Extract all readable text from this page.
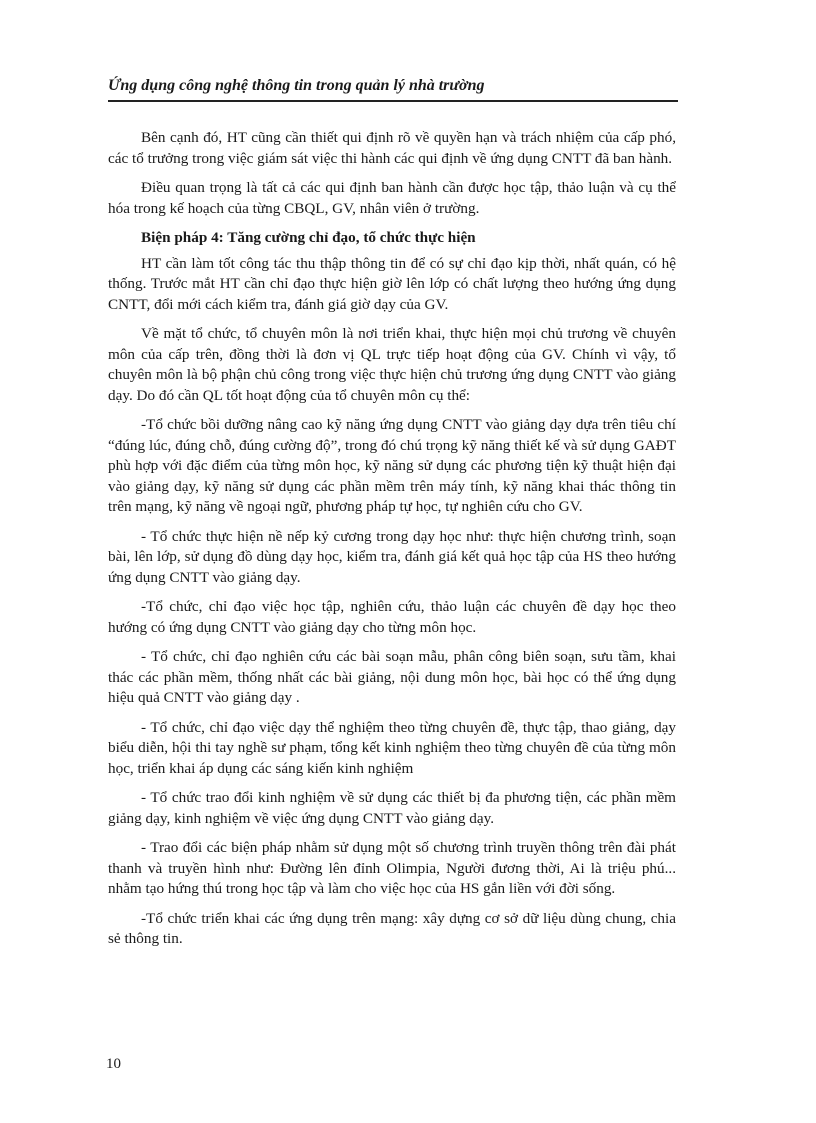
Ứng dụng công nghệ thông tin trong quản lý nhà trường

Bên cạnh đó, HT cũng cần thiết qui định rõ về quyền hạn và trách nhiệm của cấp phó, các tổ trưởng trong việc giám sát việc thi hành các qui định về ứng dụng CNTT đã ban hành.

Điều quan trọng là tất cả các qui định ban hành cần được học tập, thảo luận và cụ thể hóa trong kế hoạch của từng CBQL, GV, nhân viên ở trường.

Biện pháp 4: Tăng cường chỉ đạo, tổ chức thực hiện

HT cần làm tốt công tác thu thập thông tin để có sự chỉ đạo kịp thời, nhất quán, có hệ thống. Trước mắt HT cần chỉ đạo thực hiện giờ lên lớp có chất lượng theo hướng ứng dụng CNTT, đổi mới cách kiểm tra, đánh giá giờ dạy của GV.

Về mặt tổ chức, tổ chuyên môn là nơi triển khai, thực hiện mọi chủ trương về chuyên môn của cấp trên, đồng thời là đơn vị QL trực tiếp hoạt động của GV. Chính vì vậy, tổ chuyên môn là bộ phận chủ công trong việc thực hiện chủ trương ứng dụng CNTT vào giảng dạy. Do đó cần QL tốt hoạt động của tổ chuyên môn cụ thể:

-Tổ chức bồi dưỡng nâng cao kỹ năng ứng dụng CNTT vào giảng dạy dựa trên tiêu chí “đúng lúc, đúng chỗ, đúng cường độ”, trong đó chú trọng kỹ năng thiết kế và sử dụng GAĐT phù hợp với đặc điểm của từng môn học, kỹ năng sử dụng các phương tiện kỹ thuật hiện đại vào giảng dạy, kỹ năng sử dụng các phần mềm trên máy tính, kỹ năng khai thác thông tin trên mạng, kỹ năng về ngoại ngữ, phương pháp tự học, tự nghiên cứu cho GV.

- Tổ chức thực hiện nề nếp kỷ cương trong dạy học như: thực hiện chương trình, soạn bài, lên lớp, sử dụng đồ dùng dạy học, kiểm tra, đánh giá kết quả học tập của HS theo hướng ứng dụng CNTT vào giảng dạy.

-Tổ chức, chỉ đạo việc học tập, nghiên cứu, thảo luận các chuyên đề dạy học theo hướng có ứng dụng CNTT vào giảng dạy cho từng môn học.

- Tổ chức, chỉ đạo nghiên cứu các bài soạn mẫu, phân công biên soạn, sưu tầm, khai thác các phần mềm, thống nhất các bài giảng, nội dung môn học, bài học có thể ứng dụng hiệu quả CNTT vào giảng dạy .

- Tổ chức, chỉ đạo việc dạy thể nghiệm theo từng chuyên đề, thực tập, thao giảng, dạy biểu diễn, hội thi tay nghề sư phạm, tổng kết kinh nghiệm theo từng chuyên đề của từng môn học, triển khai áp dụng các sáng kiến kinh nghiệm

- Tổ chức trao đổi kinh nghiệm về sử dụng các thiết bị đa phương tiện, các phần mềm giảng dạy, kinh nghiệm về việc ứng dụng CNTT vào giảng dạy.

- Trao đổi các biện pháp nhằm sử dụng một số chương trình truyền thông trên đài phát thanh và truyền hình như: Đường lên đỉnh Olimpia, Người đương thời, Ai là triệu phú... nhằm tạo hứng thú trong học tập và làm cho việc học của HS gắn liền với đời sống.

-Tổ chức triển khai các ứng dụng trên mạng: xây dựng cơ sở dữ liệu dùng chung, chia sẻ thông tin.

10
